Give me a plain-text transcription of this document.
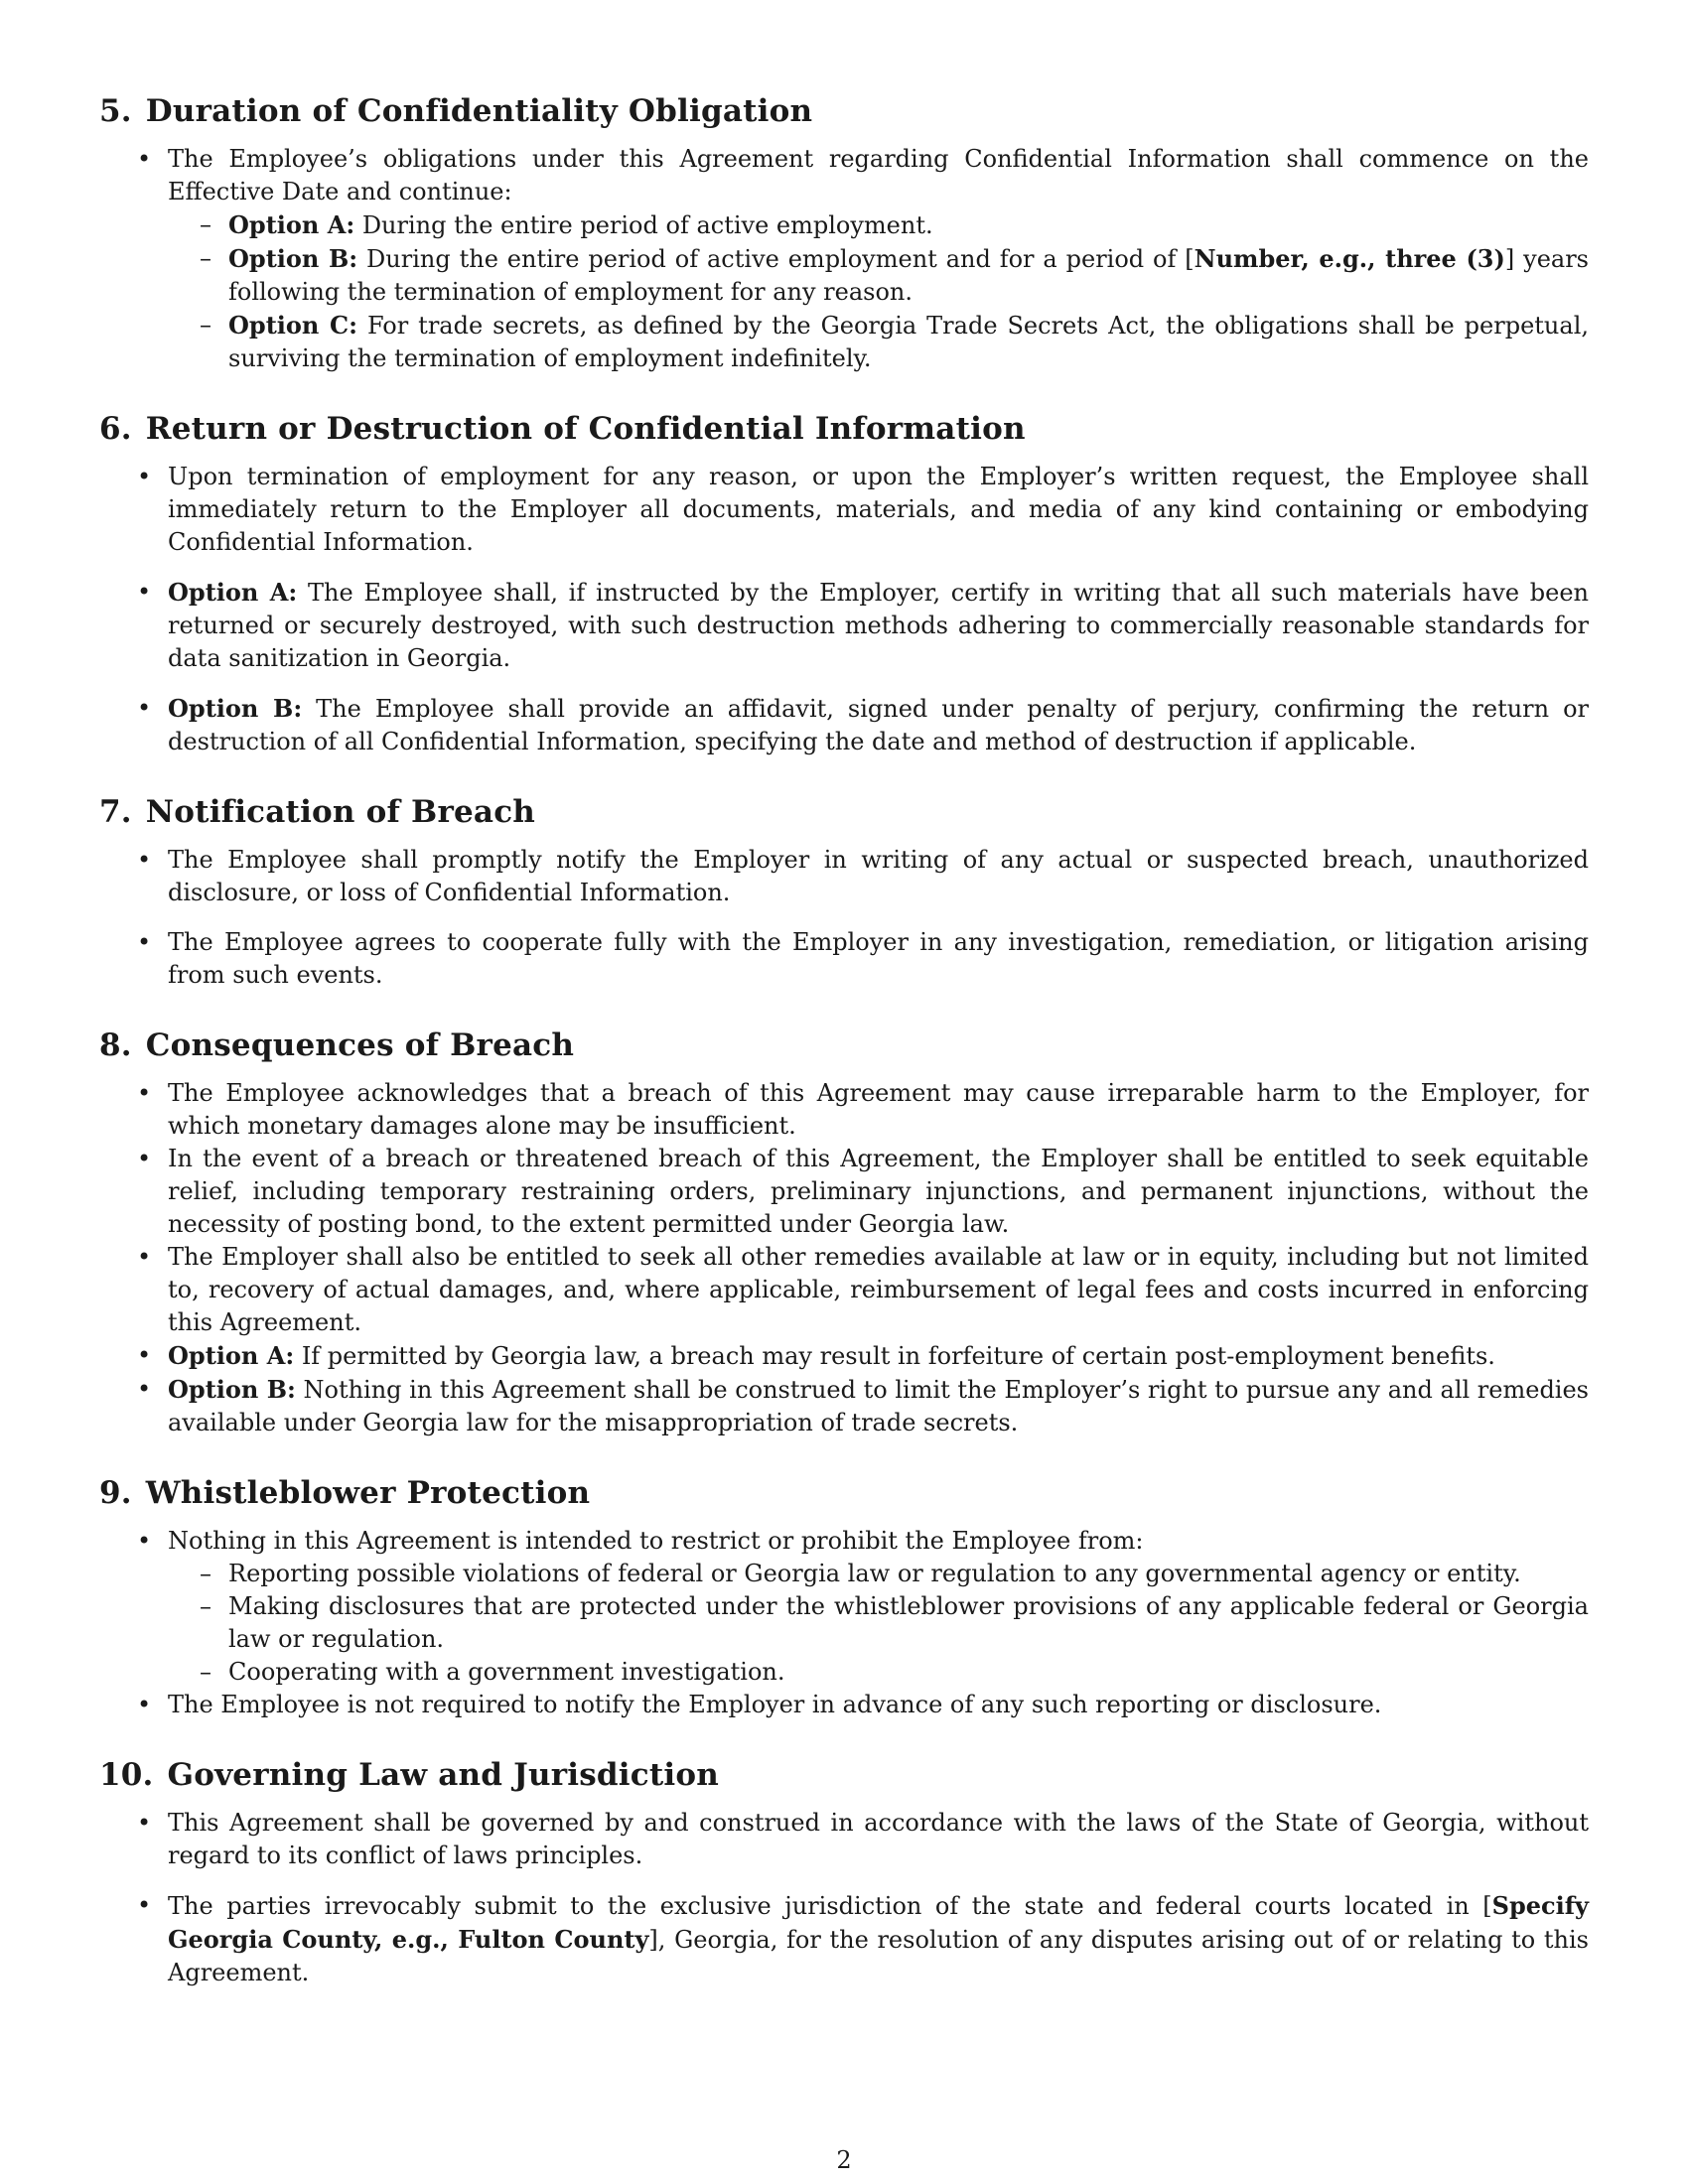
5. Duration of Confidentiality Obligation
• The Employee’s obligations under this Agreement regarding Confidential Information shall commence on the Effective Date and continue:
– Option A: During the entire period of active employment.
– Option B: During the entire period of active employment and for a period of [Number, e.g., three (3)] years following the termination of employment for any reason.
– Option C: For trade secrets, as defined by the Georgia Trade Secrets Act, the obligations shall be perpetual, surviving the termination of employment indefinitely.
6. Return or Destruction of Confidential Information
• Upon termination of employment for any reason, or upon the Employer’s written request, the Employee shall immediately return to the Employer all documents, materials, and media of any kind containing or embodying Confidential Information.
• Option A: The Employee shall, if instructed by the Employer, certify in writing that all such materials have been returned or securely destroyed, with such destruction methods adhering to commercially reasonable standards for data sanitization in Georgia.
• Option B: The Employee shall provide an affidavit, signed under penalty of perjury, confirming the return or destruction of all Confidential Information, specifying the date and method of destruction if applicable.
7. Notification of Breach
• The Employee shall promptly notify the Employer in writing of any actual or suspected breach, unauthorized disclosure, or loss of Confidential Information.
• The Employee agrees to cooperate fully with the Employer in any investigation, remediation, or litigation arising from such events.
8. Consequences of Breach
• The Employee acknowledges that a breach of this Agreement may cause irreparable harm to the Employer, for which monetary damages alone may be insufficient.
• In the event of a breach or threatened breach of this Agreement, the Employer shall be entitled to seek equitable relief, including temporary restraining orders, preliminary injunctions, and permanent injunctions, without the necessity of posting bond, to the extent permitted under Georgia law.
• The Employer shall also be entitled to seek all other remedies available at law or in equity, including but not limited to, recovery of actual damages, and, where applicable, reimbursement of legal fees and costs incurred in enforcing this Agreement.
• Option A: If permitted by Georgia law, a breach may result in forfeiture of certain post-employment benefits.
• Option B: Nothing in this Agreement shall be construed to limit the Employer’s right to pursue any and all remedies available under Georgia law for the misappropriation of trade secrets.
9. Whistleblower Protection
• Nothing in this Agreement is intended to restrict or prohibit the Employee from:
– Reporting possible violations of federal or Georgia law or regulation to any governmental agency or entity.
– Making disclosures that are protected under the whistleblower provisions of any applicable federal or Georgia law or regulation.
– Cooperating with a government investigation.
• The Employee is not required to notify the Employer in advance of any such reporting or disclosure.
10. Governing Law and Jurisdiction
• This Agreement shall be governed by and construed in accordance with the laws of the State of Georgia, without regard to its conflict of laws principles.
• The parties irrevocably submit to the exclusive jurisdiction of the state and federal courts located in [Specify Georgia County, e.g., Fulton County], Georgia, for the resolution of any disputes arising out of or relating to this Agreement.
2
